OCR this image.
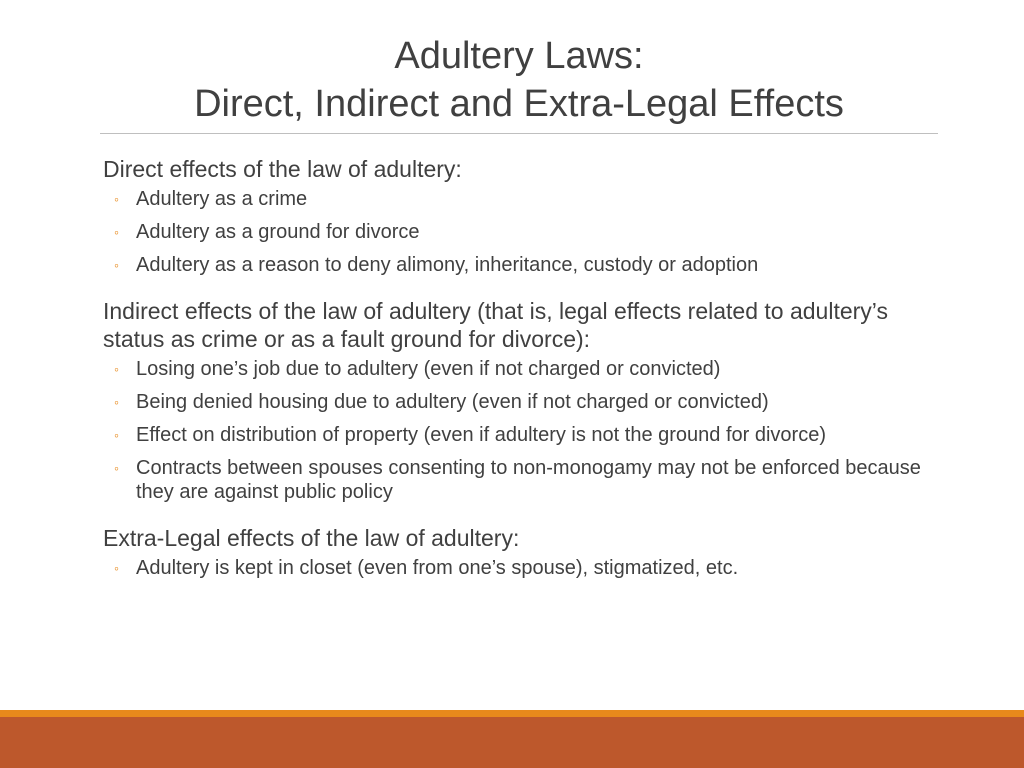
Adultery Laws:
Direct, Indirect and Extra-Legal Effects
Direct effects of the law of adultery:
◦ Adultery as a crime
◦ Adultery as a ground for divorce
◦ Adultery as a reason to deny alimony, inheritance, custody or adoption
Indirect effects of the law of adultery (that is, legal effects related to adultery’s status as crime or as a fault ground for divorce):
◦ Losing one’s job due to adultery (even if not charged or convicted)
◦ Being denied housing due to adultery (even if not charged or convicted)
◦ Effect on distribution of property (even if adultery is not the ground for divorce)
◦ Contracts between spouses consenting to non-monogamy may not be enforced because they are against public policy
Extra-Legal effects of the law of adultery:
◦ Adultery is kept in closet (even from one’s spouse), stigmatized, etc.
